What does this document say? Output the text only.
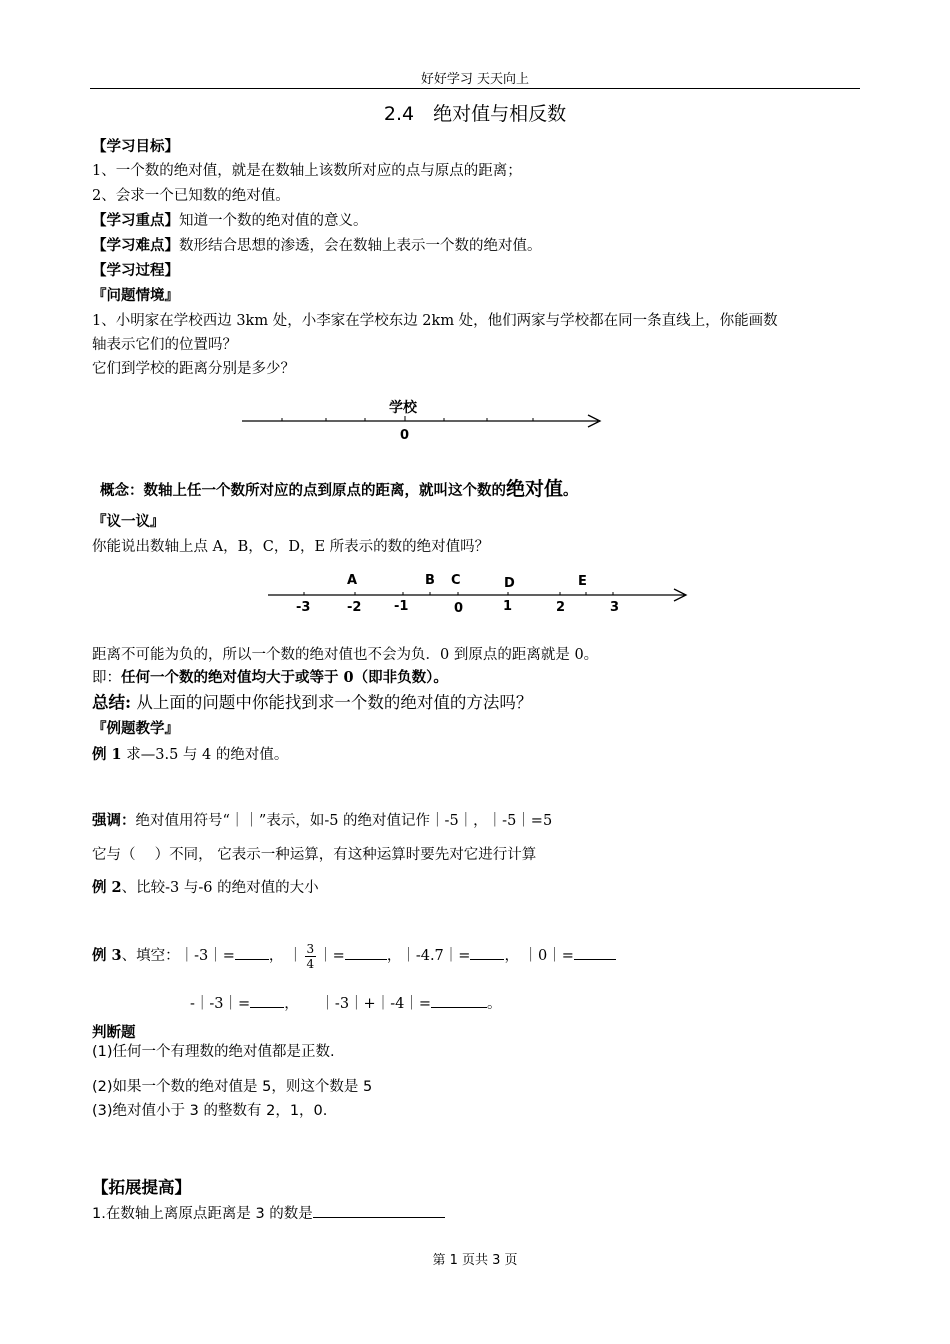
好好学习 天天向上
2.4　绝对值与相反数
【学习目标】
1、一个数的绝对值，就是在数轴上该数所对应的点与原点的距离；
2、会求一个已知数的绝对值。
【学习重点】知道一个数的绝对值的意义。
【学习难点】数形结合思想的渗透，会在数轴上表示一个数的绝对值。
【学习过程】
『问题情境』
1、小明家在学校西边 3km 处，小李家在学校东边 2km 处，他们两家与学校都在同一条直线上，你能画数
轴表示它们的位置吗？
它们到学校的距离分别是多少？
学校
0
概念：数轴上任一个数所对应的点到原点的距离，就叫这个数的绝对值。
『议一议』
你能说出数轴上点 A，B，C，D，E 所表示的数的绝对值吗？
A	B C	D	E
-3	-2	-1	0	1	2	3
距离不可能为负的，所以一个数的绝对值也不会为负．0 到原点的距离就是 0。
即：任何一个数的绝对值均大于或等于 0（即非负数）。
总结: 从上面的问题中你能找到求一个数的绝对值的方法吗？
『例题教学』
例 1 求—3.5 与 4 的绝对值。
强调：绝对值用符号“｜｜”表示，如-5 的绝对值记作｜-5｜，｜-5｜=5
它与（　 ）不同， 它表示一种运算，有这种运算时要先对它进行计算
例 2、比较-3 与-6 的绝对值的大小
例 3、填空：｜-3｜= ， ｜ $\frac{3}{4}$ ｜=	，｜-4.7｜= ， ｜0｜=
-｜-3｜= ，　　｜-3｜+｜-4｜=	。
判断题
(1)任何一个有理数的绝对值都是正数.
(2)如果一个数的绝对值是 5，则这个数是 5
(3)绝对值小于 3 的整数有 2，1，0.
【拓展提高】
1.在数轴上离原点距离是 3 的数是
第 1 页共 3 页
